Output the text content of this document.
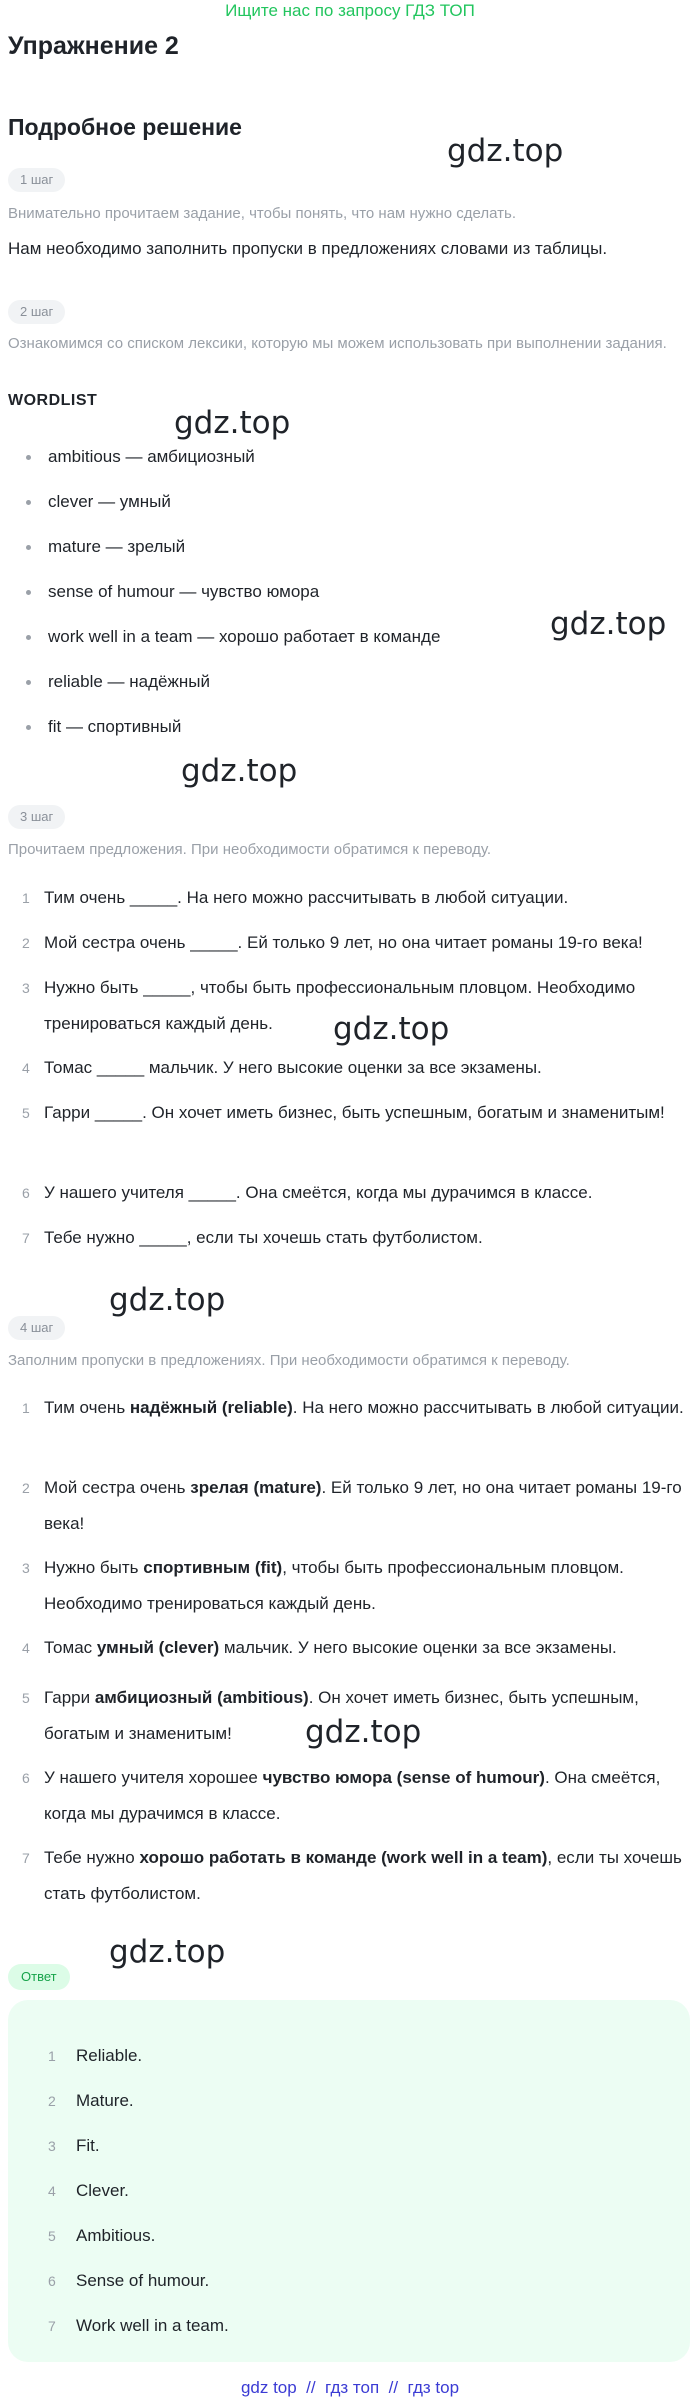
Ищите нас по запросу ГДЗ ТОП
Упражнение 2
Подробное решение
gdz.top
gdz.top
gdz.top
gdz.top
gdz.top
gdz.top
gdz.top
gdz.top
1 шаг
Внимательно прочитаем задание, чтобы понять, что нам нужно сделать.
Нам необходимо заполнить пропуски в предложениях словами из таблицы.
2 шаг
Ознакомимся со списком лексики, которую мы можем использовать при выполнении задания.
WORDLIST
ambitious — амбициозный
clever — умный
mature — зрелый
sense of humour — чувство юмора
work well in a team — хорошо работает в команде
reliable — надёжный
fit — спортивный
3 шаг
Прочитаем предложения. При необходимости обратимся к переводу.
1 Тим очень _____. На него можно рассчитывать в любой ситуации.
2 Мой сестра очень _____. Ей только 9 лет, но она читает романы 19-го века!
3 Нужно быть _____, чтобы быть профессиональным пловцом. Необходимо тренироваться каждый день.
4 Томас _____ мальчик. У него высокие оценки за все экзамены.
5 Гарри _____. Он хочет иметь бизнес, быть успешным, богатым и знаменитым!
6 У нашего учителя _____. Она смеётся, когда мы дурачимся в классе.
7 Тебе нужно _____, если ты хочешь стать футболистом.
4 шаг
Заполним пропуски в предложениях. При необходимости обратимся к переводу.
1 Тим очень надёжный (reliable). На него можно рассчитывать в любой ситуации.
2 Мой сестра очень зрелая (mature). Ей только 9 лет, но она читает романы 19-го века!
3 Нужно быть спортивным (fit), чтобы быть профессиональным пловцом. Необходимо тренироваться каждый день.
4 Томас умный (clever) мальчик. У него высокие оценки за все экзамены.
5 Гарри амбициозный (ambitious). Он хочет иметь бизнес, быть успешным, богатым и знаменитым!
6 У нашего учителя хорошее чувство юмора (sense of humour). Она смеётся, когда мы дурачимся в классе.
7 Тебе нужно хорошо работать в команде (work well in a team), если ты хочешь стать футболистом.
Ответ
1 Reliable.
2 Mature.
3 Fit.
4 Clever.
5 Ambitious.
6 Sense of humour.
7 Work well in a team.
gdz top  //  гдз топ  //  гдз top
